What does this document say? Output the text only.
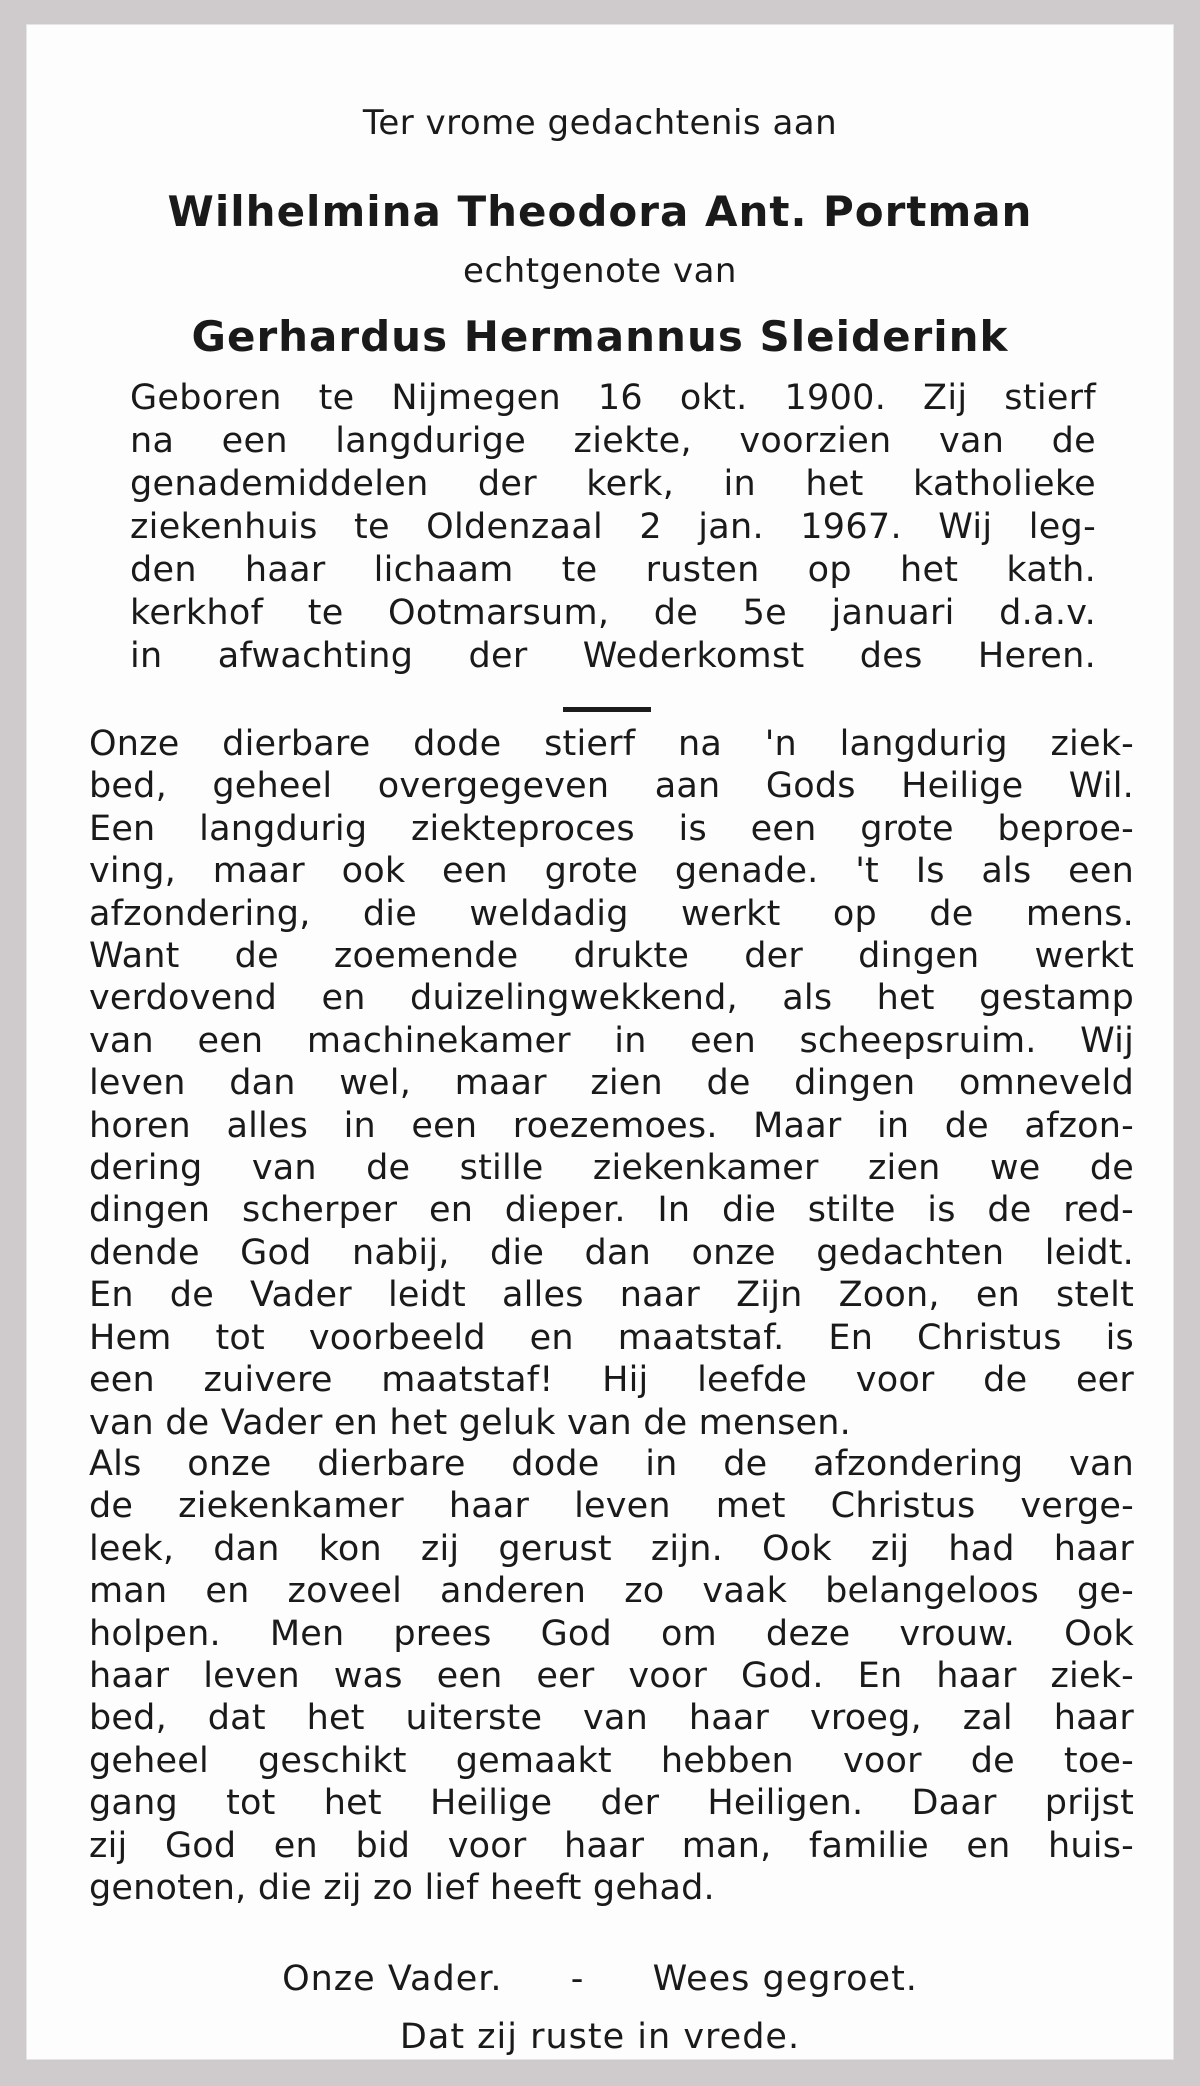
Ter vrome gedachtenis aan
Wilhelmina Theodora Ant. Portman
echtgenote van
Gerhardus Hermannus Sleiderink
Geboren te Nijmegen 16 okt. 1900. Zij stierf
na een langdurige ziekte, voorzien van de
genademiddelen der kerk, in het katholieke
ziekenhuis te Oldenzaal 2 jan. 1967. Wij leg-
den haar lichaam te rusten op het kath.
kerkhof te Ootmarsum, de 5e januari d.a.v.
in afwachting der Wederkomst des Heren.
Onze dierbare dode stierf na 'n langdurig ziek-
bed, geheel overgegeven aan Gods Heilige Wil.
Een langdurig ziekteproces is een grote beproe-
ving, maar ook een grote genade. 't Is als een
afzondering, die weldadig werkt op de mens.
Want de zoemende drukte der dingen werkt
verdovend en duizelingwekkend, als het gestamp
van een machinekamer in een scheepsruim. Wij
leven dan wel, maar zien de dingen omneveld
horen alles in een roezemoes. Maar in de afzon-
dering van de stille ziekenkamer zien we de
dingen scherper en dieper. In die stilte is de red-
dende God nabij, die dan onze gedachten leidt.
En de Vader leidt alles naar Zijn Zoon, en stelt
Hem tot voorbeeld en maatstaf. En Christus is
een zuivere maatstaf! Hij leefde voor de eer
van de Vader en het geluk van de mensen.
Als onze dierbare dode in de afzondering van
de ziekenkamer haar leven met Christus verge-
leek, dan kon zij gerust zijn. Ook zij had haar
man en zoveel anderen zo vaak belangeloos ge-
holpen. Men prees God om deze vrouw. Ook
haar leven was een eer voor God. En haar ziek-
bed, dat het uiterste van haar vroeg, zal haar
geheel geschikt gemaakt hebben voor de toe-
gang tot het Heilige der Heiligen. Daar prijst
zij God en bid voor haar man, familie en huis-
genoten, die zij zo lief heeft gehad.
Onze Vader. - Wees gegroet.
Dat zij ruste in vrede.
